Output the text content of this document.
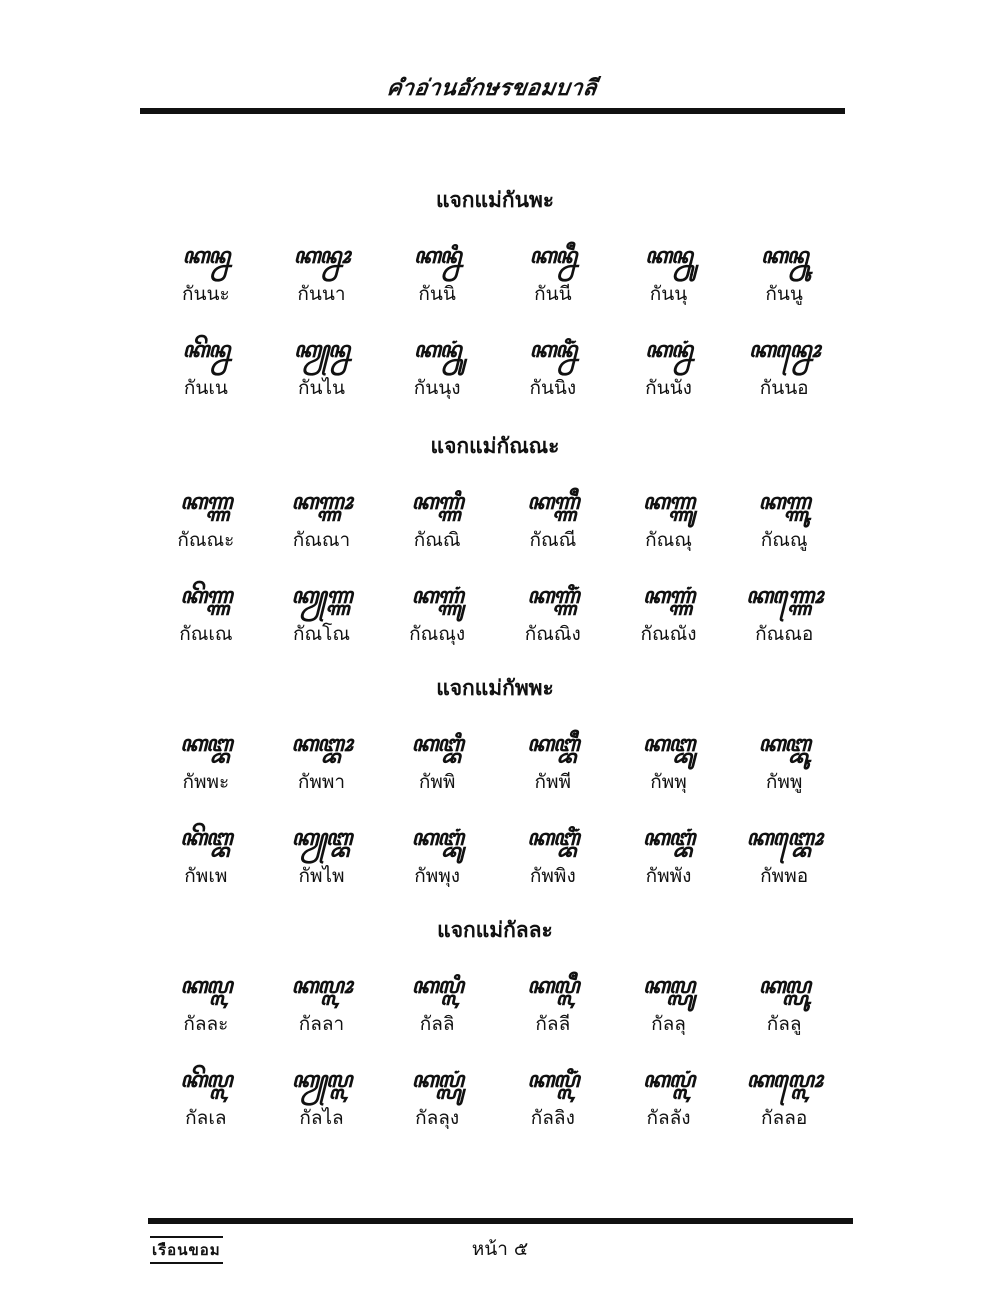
คำอ่านอักษรขอมบาลี
แจกแม่กันพะ
ꦏꦤ꧀ꦤ
กันนะ
ꦏꦤ꧀ꦤꦴ
กันนา
ꦏꦤ꧀ꦤꦶ
กันนิ
ꦏꦤ꧀ꦤꦷ
กันนี
ꦏꦤ꧀ꦤꦸ
กันนุ
ꦏꦤ꧀ꦤꦹ
กันนู
ꦏꦼꦤ꧀ꦤ
กันเน
ꦏꦾꦤ꧀ꦤ
กันไน
ꦏꦤ꧀ꦤꦸꦁ
กันนุง
ꦏꦤ꧀ꦤꦶꦁ
กันนิง
ꦏꦤ꧀ꦤꦁ
กันนัง
ꦏꦤ꧀ꦤꦺꦴ
กันนอ
แจกแม่กัณณะ
ꦏꦟ꧀ꦟ
กัณณะ
ꦏꦟ꧀ꦟꦴ
กัณณา
ꦏꦟ꧀ꦟꦶ
กัณณิ
ꦏꦟ꧀ꦟꦷ
กัณณี
ꦏꦟ꧀ꦟꦸ
กัณณุ
ꦏꦟ꧀ꦟꦹ
กัณณู
ꦏꦼꦟ꧀ꦟ
กัณเณ
ꦏꦾꦟ꧀ꦟ
กัณโณ
ꦏꦟ꧀ꦟꦸꦁ
กัณณุง
ꦏꦟ꧀ꦟꦶꦁ
กัณณิง
ꦏꦟ꧀ꦟꦁ
กัณณัง
ꦏꦟ꧀ꦟꦺꦴ
กัณณอ
แจกแม่กัพพะ
ꦏꦧ꧀ꦧ
กัพพะ
ꦏꦧ꧀ꦧꦴ
กัพพา
ꦏꦧ꧀ꦧꦶ
กัพพิ
ꦏꦧ꧀ꦧꦷ
กัพพี
ꦏꦧ꧀ꦧꦸ
กัพพุ
ꦏꦧ꧀ꦧꦹ
กัพพู
ꦏꦼꦧ꧀ꦧ
กัพเพ
ꦏꦾꦧ꧀ꦧ
กัพไพ
ꦏꦧ꧀ꦧꦸꦁ
กัพพุง
ꦏꦧ꧀ꦧꦶꦁ
กัพพิง
ꦏꦧ꧀ꦧꦁ
กัพพัง
ꦏꦧ꧀ꦧꦺꦴ
กัพพอ
แจกแม่กัลละ
ꦏꦭ꧀ꦭ
กัลละ
ꦏꦭ꧀ꦭꦴ
กัลลา
ꦏꦭ꧀ꦭꦶ
กัลลิ
ꦏꦭ꧀ꦭꦷ
กัลลี
ꦏꦭ꧀ꦭꦸ
กัลลุ
ꦏꦭ꧀ꦭꦹ
กัลลู
ꦏꦼꦭ꧀ꦭ
กัลเล
ꦏꦾꦭ꧀ꦭ
กัลไล
ꦏꦭ꧀ꦭꦸꦁ
กัลลุง
ꦏꦭ꧀ꦭꦶꦁ
กัลลิง
ꦏꦭ꧀ꦭꦁ
กัลลัง
ꦏꦭ꧀ꦭꦺꦴ
กัลลอ
เรือนขอม	หน้า ๕
